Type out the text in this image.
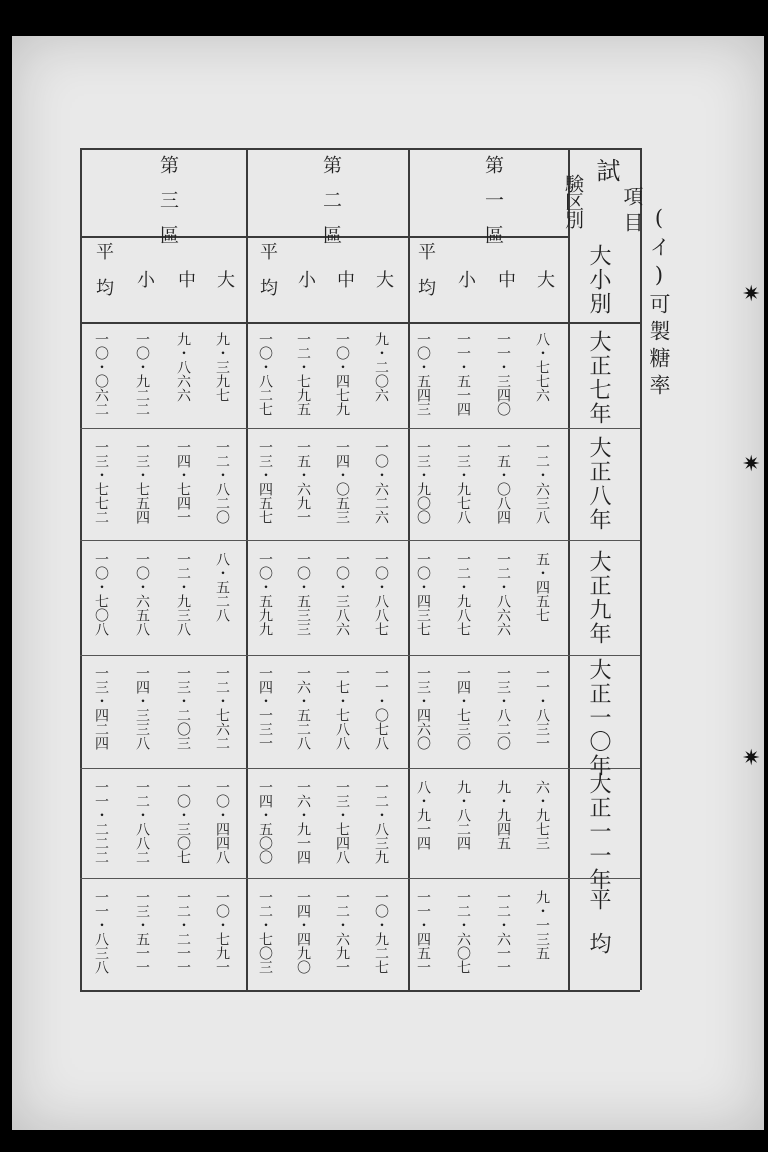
(イ)可製糖率
試
項目
験区別
第一區
第二區
第三區
大
中
小
平均
大
中
小
平均
大
中
小
平均	大小別
大正七年
大正八年
大正九年
大正一〇年
大正一一年
平均
八・七七六
一一・三四〇
一一・五一四
一〇・五四三
九・二〇六
一〇・四七九
一二・七九五
一〇・八二七
九・三九七
九・八六六
一〇・九二二
一〇・〇六二
一二・六三八
一五・〇八四
一三・九七八
一三・九〇〇
一〇・六二六
一四・〇五三
一五・六九一
一三・四五七
一二・八二〇
一四・七四一
一三・七五四
一三・七七二
五・四五七
一二・八六六
一二・九八七
一〇・四三七
一〇・八八七
一〇・三八六
一〇・五三三
一〇・五九九
八・五二八
一二・九三八
一〇・六五八
一〇・七〇八
一一・八三一
一三・八二〇
一四・七三〇
一三・四六〇
一一・〇七八
一七・七八八
一六・五二八
一四・一三一
一二・七六二
一三・二〇三
一四・三三八
一三・四二四
六・九七三
九・九四五
九・八二四
八・九一四
一二・八三九
一三・七四八
一六・九一四
一四・五〇〇
一〇・四四八
一〇・三〇七
一二・八八二
一一・二二二
九・一三五
一二・六一一
一二・六〇七
一一・四五一
一〇・九二七
一二・六九一
一四・四九〇
一二・七〇三
一〇・七九一
一二・二一一
一三・五一一
一一・八三八
✷
✷
✷
